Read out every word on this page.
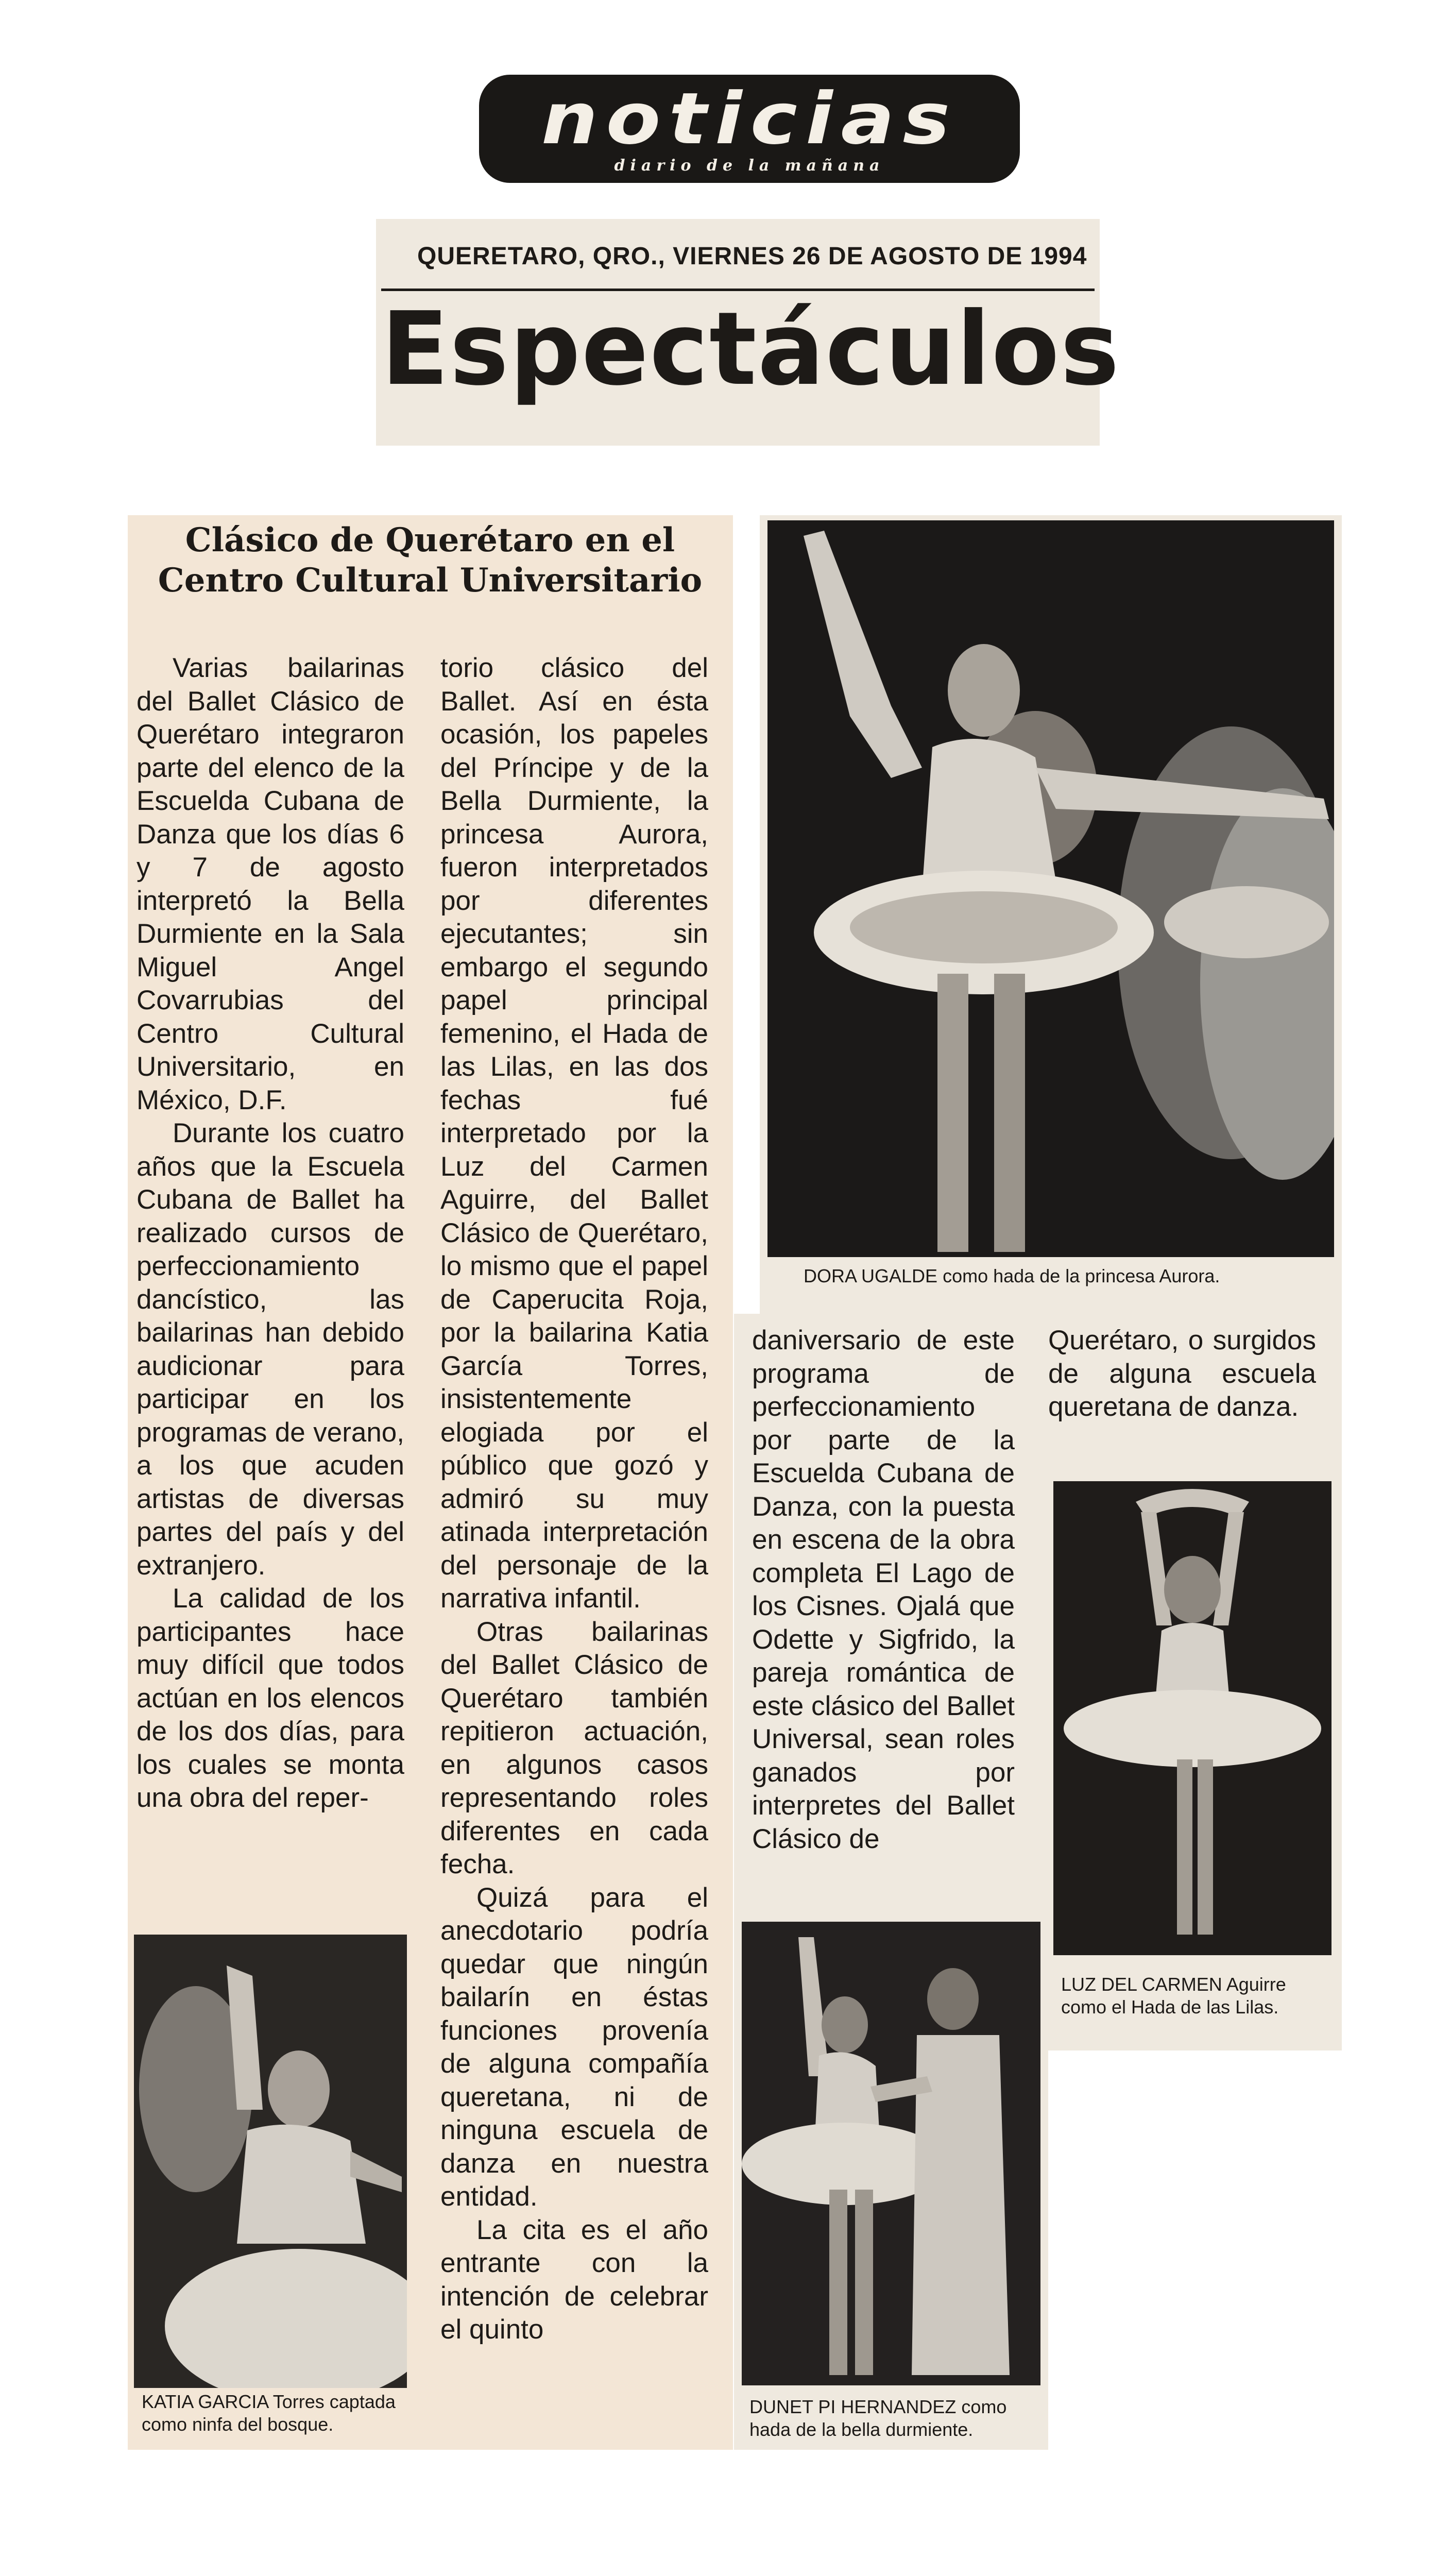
noticias
diario de la mañana
QUERETARO, QRO., VIERNES 26 DE AGOSTO DE 1994
Espectáculos
Clásico de Querétaro en el Centro Cultural Universitario

Varias bailarinas del Ballet Clásico de Querétaro integraron parte del elenco de la Escuelda Cubana de Danza que los días 6 y 7 de agosto interpretó la Bella Durmiente en la Sala Miguel Angel Covarrubias del Centro Cultural Universitario, en México, D.F.

Durante los cuatro años que la Escuela Cubana de Ballet ha realizado cursos de perfeccionamiento dancístico, las bailarinas han debido audicionar para participar en los programas de verano, a los que acuden artistas de diversas partes del país y del extranjero.

La calidad de los participantes hace muy difícil que todos actúan en los elencos de los dos días, para los cuales se monta una obra del reper-

torio clásico del Ballet. Así en ésta ocasión, los papeles del Príncipe y de la Bella Durmiente, la princesa Aurora, fueron interpretados por diferentes ejecutantes; sin embargo el segundo papel principal femenino, el Hada de las Lilas, en las dos fechas fué interpretado por la Luz del Carmen Aguirre, del Ballet Clásico de Querétaro, lo mismo que el papel de Caperucita Roja, por la bailarina Katia García Torres, insistentemente elogiada por el público que gozó y admiró su muy atinada interpretación del personaje de la narrativa infantil.

Otras bailarinas del Ballet Clásico de Querétaro también repitieron actuación, en algunos casos representando roles diferentes en cada fecha.

Quizá para el anecdotario podría quedar que ningún bailarín en éstas funciones provenía de alguna compañía queretana, ni de ninguna escuela de danza en nuestra entidad.

La cita es el año entrante con la intención de celebrar el quinto

daniversario de este programa de perfeccionamiento por parte de la Escuelda Cubana de Danza, con la puesta en escena de la obra completa El Lago de los Cisnes. Ojalá que Odette y Sigfrido, la pareja romántica de este clásico del Ballet Universal, sean roles ganados por interpretes del Ballet Clásico de

Querétaro, o surgidos de alguna escuela queretana de danza.

DORA UGALDE como hada de la princesa Aurora.
KATIA GARCIA Torres captada como ninfa del bosque.
DUNET PI HERNANDEZ como hada de la bella durmiente.
LUZ DEL CARMEN Aguirre como el Hada de las Lilas.
